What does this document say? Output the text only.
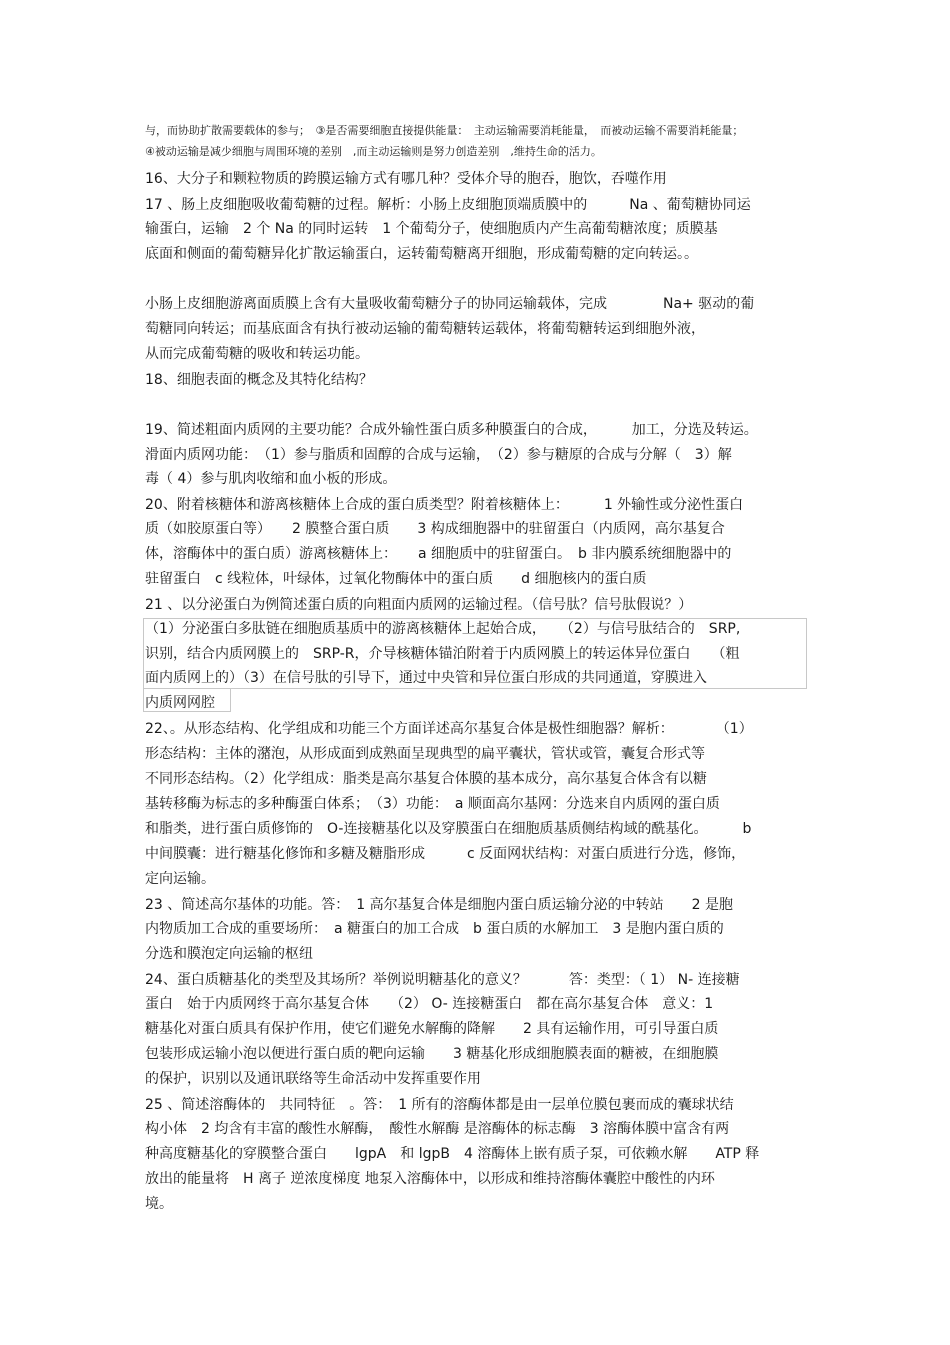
与，而协助扩散需要载体的参与；　③是否需要细胞直接提供能量：　主动运输需要消耗能量，　而被动运输不需要消耗能量；
④被动运输是减少细胞与周围环境的差别　,而主动运输则是努力创造差别　,维持生命的活力。
16、大分子和颗粒物质的跨膜运输方式有哪几种？受体介导的胞吞，胞饮，吞噬作用
17 、肠上皮细胞吸收葡萄糖的过程。解析：小肠上皮细胞顶端质膜中的　　　Na 、葡萄糖协同运
输蛋白，运输　2 个 Na 的同时运转　1 个葡萄分子，使细胞质内产生高葡萄糖浓度；质膜基
底面和侧面的葡萄糖异化扩散运输蛋白，运转葡萄糖离开细胞，形成葡萄糖的定向转运。。
小肠上皮细胞游离面质膜上含有大量吸收葡萄糖分子的协同运输载体，完成　　　　Na+ 驱动的葡
萄糖同向转运；而基底面含有执行被动运输的葡萄糖转运载体，将葡萄糖转运到细胞外液，
从而完成葡萄糖的吸收和转运功能。
18、细胞表面的概念及其特化结构？
19、简述粗面内质网的主要功能？合成外输性蛋白质多种膜蛋白的合成，　　　加工，分选及转运。
滑面内质网功能：　（1）参与脂质和固醇的合成与运输，　（2）参与糖原的合成与分解（　3）解
毒（ 4）参与肌肉收缩和血小板的形成。
20、附着核糖体和游离核糖体上合成的蛋白质类型？附着核糖体上：　　　1 外输性或分泌性蛋白
质（如胶原蛋白等）　　2 膜整合蛋白质　　3 构成细胞器中的驻留蛋白（内质网，高尔基复合
体，溶酶体中的蛋白质）游离核糖体上：　　a 细胞质中的驻留蛋白。　b 非内膜系统细胞器中的
驻留蛋白　c 线粒体，叶绿体，过氧化物酶体中的蛋白质　　d 细胞核内的蛋白质
21 、以分泌蛋白为例简述蛋白质的向粗面内质网的运输过程。（信号肽？信号肽假说？）
（1）分泌蛋白多肽链在细胞质基质中的游离核糖体上起始合成，　　（2）与信号肽结合的　SRP,
识别，结合内质网膜上的　SRP-R，介导核糖体锚泊附着于内质网膜上的转运体异位蛋白　　（粗
面内质网上的）（3）在信号肽的引导下，通过中央管和异位蛋白形成的共同通道，穿膜进入
内质网网腔
22、。从形态结构、化学组成和功能三个方面详述高尔基复合体是极性细胞器？解析：　　　　（1）
形态结构：主体的潴泡，从形成面到成熟面呈现典型的扁平囊状，管状或管，囊复合形式等
不同形态结构。（2）化学组成：脂类是高尔基复合体膜的基本成分，高尔基复合体含有以糖
基转移酶为标志的多种酶蛋白体系；　（3）功能：　a 顺面高尔基网：分选来自内质网的蛋白质
和脂类，进行蛋白质修饰的　O-连接糖基化以及穿膜蛋白在细胞质基质侧结构域的酰基化。　　　b
中间膜囊：进行糖基化修饰和多糖及糖脂形成　　　c 反面网状结构：对蛋白质进行分选，修饰，
定向运输。
23 、简述高尔基体的功能。答：　1 高尔基复合体是细胞内蛋白质运输分泌的中转站　　2 是胞
内物质加工合成的重要场所：　a 糖蛋白的加工合成　b 蛋白质的水解加工　3 是胞内蛋白质的
分选和膜泡定向运输的枢纽
24、蛋白质糖基化的类型及其场所？举例说明糖基化的意义？　　　答：类型：（ 1） N- 连接糖
蛋白　始于内质网终于高尔基复合体　　（2） O- 连接糖蛋白　都在高尔基复合体　意义：1
糖基化对蛋白质具有保护作用，使它们避免水解酶的降解　　2 具有运输作用，可引导蛋白质
包装形成运输小泡以便进行蛋白质的靶向运输　　3 糖基化形成细胞膜表面的糖被，在细胞膜
的保护，识别以及通讯联络等生命活动中发挥重要作用
25 、简述溶酶体的　共同特征　。答：　1 所有的溶酶体都是由一层单位膜包裹而成的囊球状结
构小体　2 均含有丰富的酸性水解酶，　酸性水解酶 是溶酶体的标志酶　3 溶酶体膜中富含有两
种高度糖基化的穿膜整合蛋白　　lgpA　和 lgpB　4 溶酶体上嵌有质子泵，可依赖水解　　ATP 释
放出的能量将　H 离子 逆浓度梯度 地泵入溶酶体中，以形成和维持溶酶体囊腔中酸性的内环
境。
